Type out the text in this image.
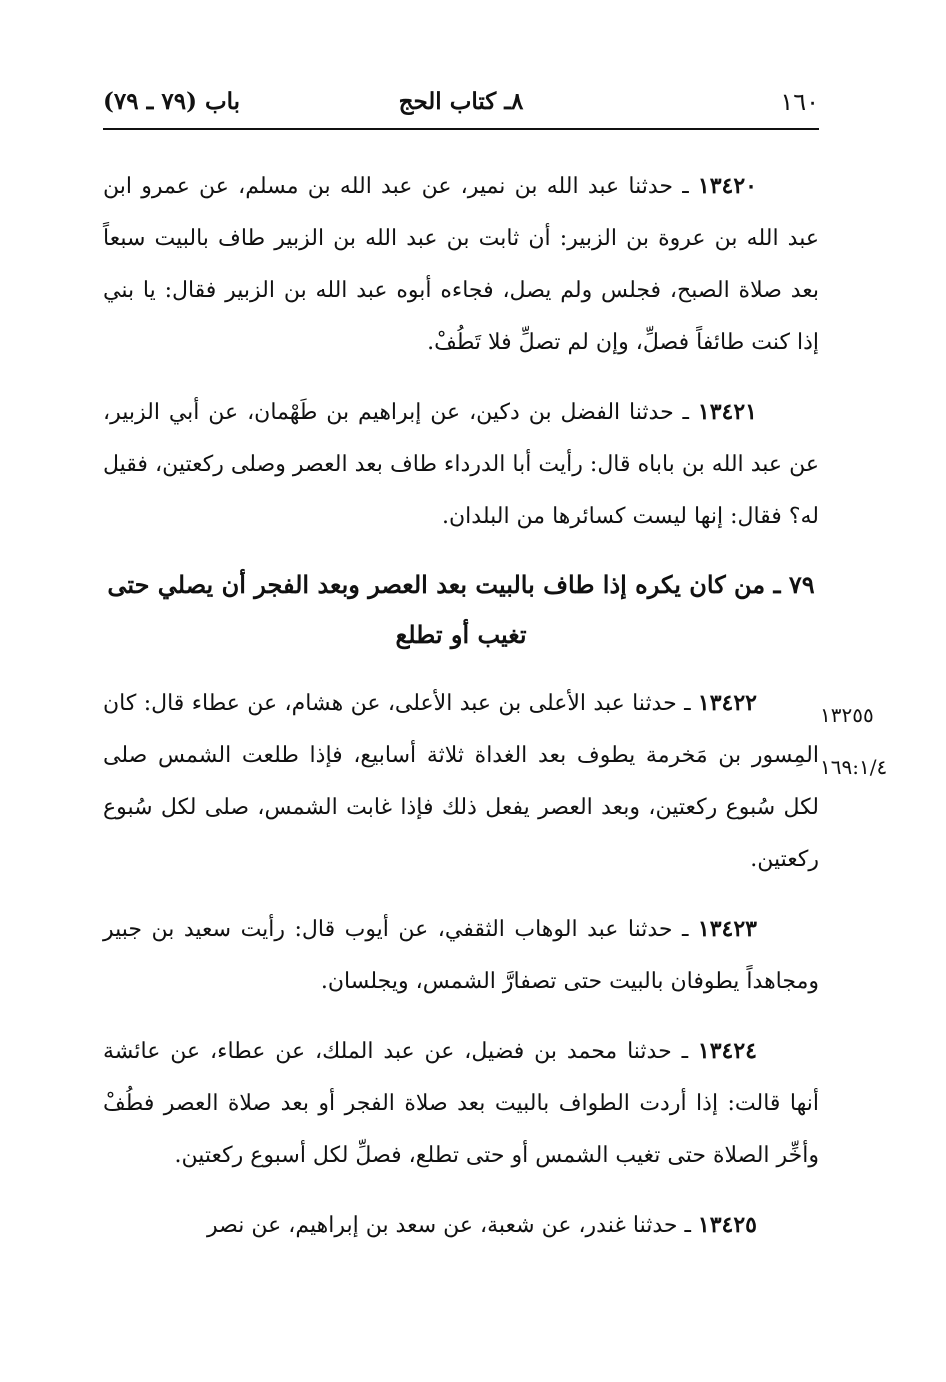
١٦٠
٨ـ كتاب الحج
باب (٧٩ ـ ٧٩)

١٣٤٢٠ ـ حدثنا عبد الله بن نمير، عن عبد الله بن مسلم، عن عمرو ابن عبد الله بن عروة بن الزبير: أن ثابت بن عبد الله بن الزبير طاف بالبيت سبعاً بعد صلاة الصبح، فجلس ولم يصل، فجاءه أبوه عبد الله بن الزبير فقال: يا بني إذا كنت طائفاً فصلِّ، وإن لم تصلِّ فلا تَطُفْ.

١٣٤٢١ ـ حدثنا الفضل بن دكين، عن إبراهيم بن طَهْمان، عن أبي الزبير، عن عبد الله بن باباه قال: رأيت أبا الدرداء طاف بعد العصر وصلى ركعتين، فقيل له؟ فقال: إنها ليست كسائرها من البلدان.

٧٩ ـ من كان يكره إذا طاف بالبيت بعد العصر وبعد الفجر أن يصلي حتى تغيب أو تطلع

١٣٤٢٢ ـ حدثنا عبد الأعلى بن عبد الأعلى، عن هشام، عن عطاء قال: كان المِسور بن مَخرمة يطوف بعد الغداة ثلاثة أسابيع، فإذا طلعت الشمس صلى لكل سُبوع ركعتين، وبعد العصر يفعل ذلك فإذا غابت الشمس، صلى لكل سُبوع ركعتين.

١٣٤٢٣ ـ حدثنا عبد الوهاب الثقفي، عن أيوب قال: رأيت سعيد بن جبير ومجاهداً يطوفان بالبيت حتى تصفارَّ الشمس، ويجلسان.

١٣٤٢٤ ـ حدثنا محمد بن فضيل، عن عبد الملك، عن عطاء، عن عائشة أنها قالت: إذا أردت الطواف بالبيت بعد صلاة الفجر أو بعد صلاة العصر فطُفْ وأخِّر الصلاة حتى تغيب الشمس أو حتى تطلع، فصلِّ لكل أسبوع ركعتين.

١٣٤٢٥ ـ حدثنا غندر، عن شعبة، عن سعد بن إبراهيم، عن نصر

١٣٢٥٥
١٦٩:١/٤
